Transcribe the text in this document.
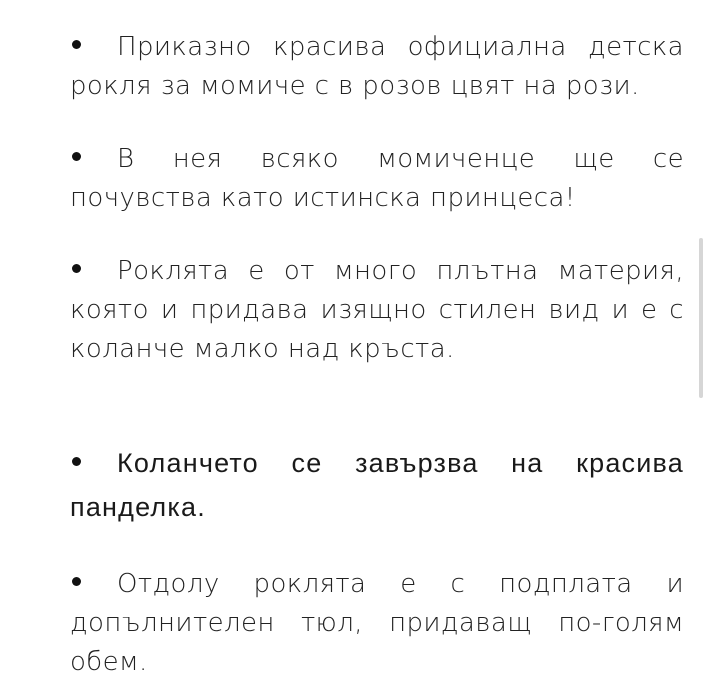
Приказно красива официална детска рокля за момиче с в розов цвят на рози.
В нея всяко момиченце ще се почувства като истинска принцеса!
Роклята е от много плътна материя, която и придава изящно стилен вид и е с коланче малко над кръста.
Коланчето се завързва на красива панделка.
Отдолу роклята е с подплата и допълнителен тюл, придаващ по-голям обем.
